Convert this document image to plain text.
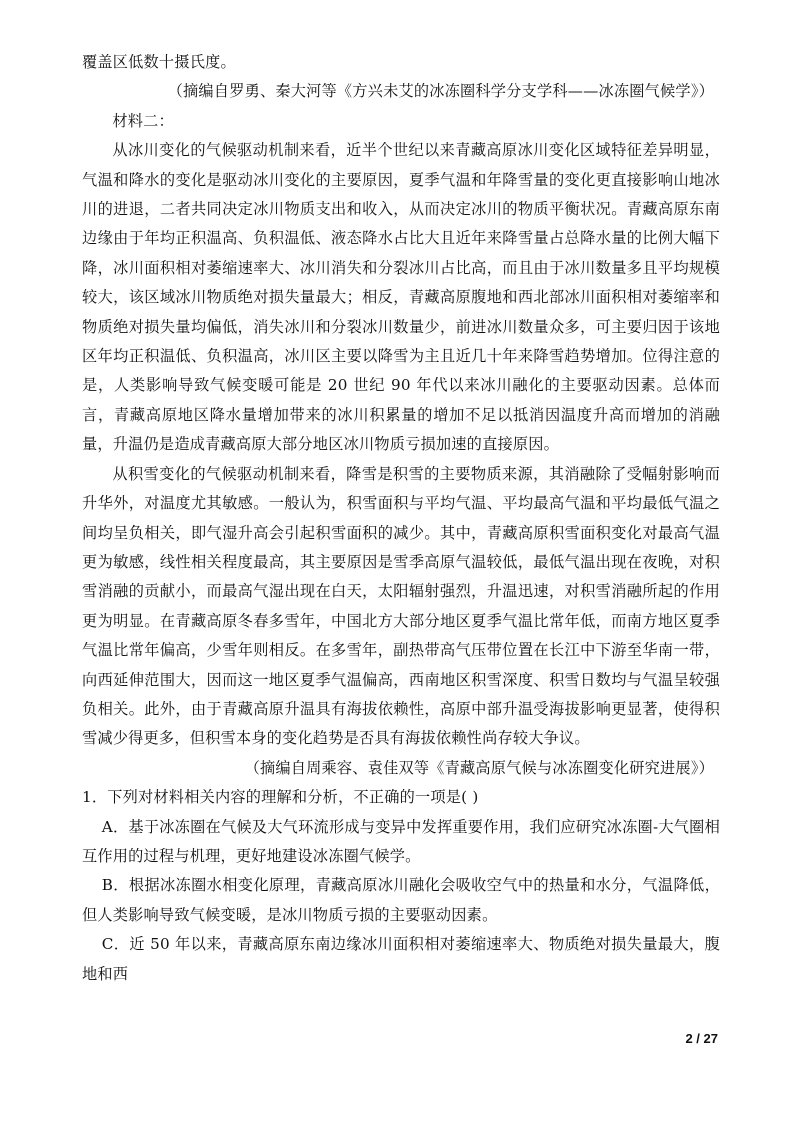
覆盖区低数十摄氏度。

（摘编自罗勇、秦大河等《方兴未艾的冰冻圈科学分支学科——冰冻圈气候学》）

材料二：

从冰川变化的气候驱动机制来看，近半个世纪以来青藏高原冰川变化区域特征差异明显，气温和降水的变化是驱动冰川变化的主要原因，夏季气温和年降雪量的变化更直接影响山地冰川的进退，二者共同决定冰川物质支出和收入，从而决定冰川的物质平衡状况。青藏高原东南边缘由于年均正积温高、负积温低、液态降水占比大且近年来降雪量占总降水量的比例大幅下降，冰川面积相对萎缩速率大、冰川消失和分裂冰川占比高，而且由于冰川数量多且平均规模较大，该区域冰川物质绝对损失量最大；相反，青藏高原腹地和西北部冰川面积相对萎缩率和物质绝对损失量均偏低，消失冰川和分裂冰川数量少，前进冰川数量众多，可主要归因于该地区年均正积温低、负积温高，冰川区主要以降雪为主且近几十年来降雪趋势增加。位得注意的是，人类影响导致气候变暖可能是 20 世纪 90 年代以来冰川融化的主要驱动因素。总体而言，青藏高原地区降水量增加带来的冰川积累量的增加不足以抵消因温度升高而增加的消融量，升温仍是造成青藏高原大部分地区冰川物质亏损加速的直接原因。

从积雪变化的气候驱动机制来看，降雪是积雪的主要物质来源，其消融除了受幅射影响而升华外，对温度尤其敏感。一般认为，积雪面积与平均气温、平均最高气温和平均最低气温之间均呈负相关，即气湿升高会引起积雪面积的减少。其中，青藏高原积雪面积变化对最高气温更为敏感，线性相关程度最高，其主要原因是雪季高原气温较低，最低气温出现在夜晚，对积雪消融的贡献小，而最高气湿出现在白天，太阳辐射强烈，升温迅速，对积雪消融所起的作用更为明显。在青藏高原冬春多雪年，中国北方大部分地区夏季气温比常年低，而南方地区夏季气温比常年偏高，少雪年则相反。在多雪年，副热带高气压带位置在长江中下游至华南一带，向西延伸范围大，因而这一地区夏季气温偏高，西南地区积雪深度、积雪日数均与气温呈较强负相关。此外，由于青藏高原升温具有海拔依赖性，高原中部升温受海拔影响更显著，使得积雪减少得更多，但积雪本身的变化趋势是否具有海拔依赖性尚存较大争议。

（摘编自周乘容、袁佳双等《青藏高原气候与冰冻圈变化研究进展》）

1．下列对材料相关内容的理解和分析，不正确的一项是( )

A．基于冰冻圈在气候及大气环流形成与变异中发挥重要作用，我们应研究冰冻圈-大气圈相互作用的过程与机理，更好地建设冰冻圈气候学。

B．根据冰冻圈水相变化原理，青藏高原冰川融化会吸收空气中的热量和水分，气温降低，但人类影响导致气候变暖，是冰川物质亏损的主要驱动因素。

C．近 50 年以来，青藏高原东南边缘冰川面积相对萎缩速率大、物质绝对损失量最大，腹地和西

2 / 27
